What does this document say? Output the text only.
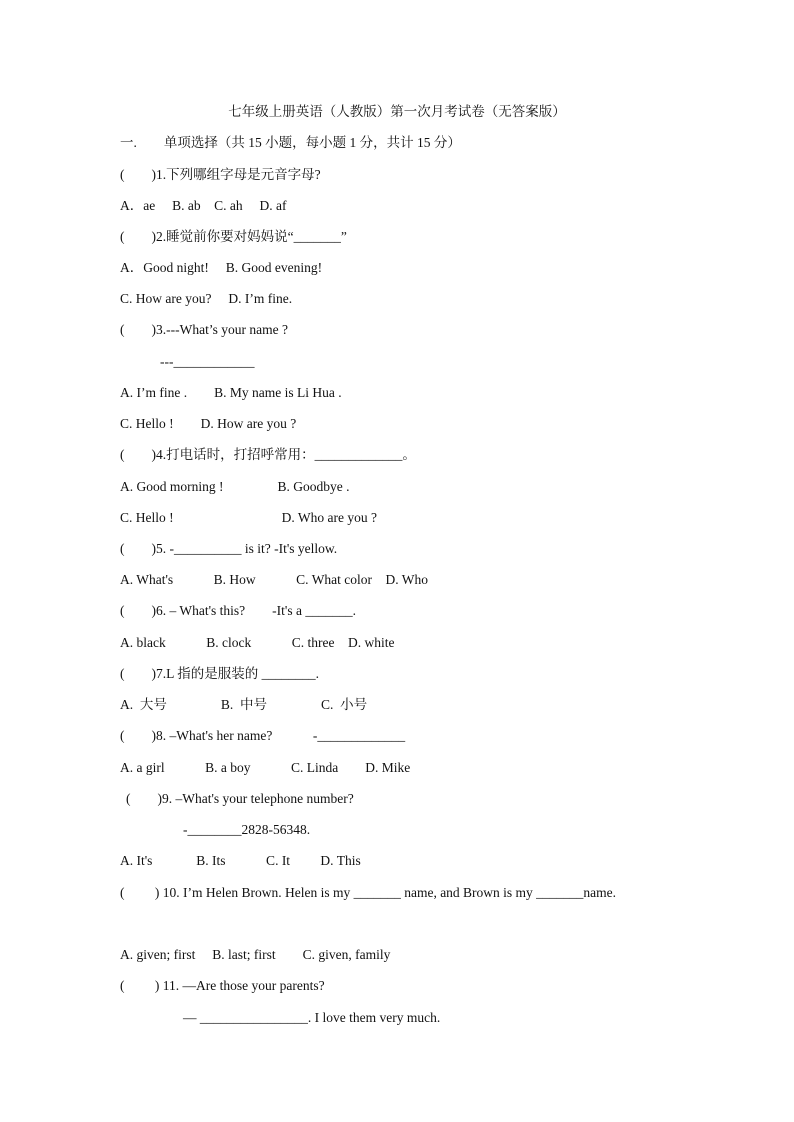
七年级上册英语（人教版）第一次月考试卷（无答案版）
一.　　单项选择（共 15 小题，每小题 1 分，共计 15 分）
(　　)1.下列哪组字母是元音字母?
A．ae　 B. ab　C. ah　 D. af
(　　)2.睡觉前你要对妈妈说“_______”
A．Good night!　 B. Good evening!
C. How are you?　 D. I’m fine.
(　　)3.---What’s your name ?
---____________
A. I’m fine .　　B. My name is Li Hua .
C. Hello !　　D. How are you ?
(　　)4.打电话时，打招呼常用：_____________。
A. Good morning !　　　　B. Goodbye .
C. Hello !　　　　　　　　D. Who are you ?
(　　)5. -__________ is it? -It's yellow.
A. What's　　　B. How　　　C. What color　D. Who
(　　)6. – What's this?　　-It's a _______.
A. black　　　B. clock　　　C. three　D. white
(　　)7.L 指的是服装的 ________.
A.  大号　　　　B.  中号　　　　C.  小号
(　　)8. –What's her name?　　　-_____________
A. a girl　　　B. a boy　　　C. Linda　　D. Mike
(　　)9. –What's your telephone number?
-________2828-56348.
A. It's　　　 B. Its　　　C. It　　 D. This
(　　 ) 10. I’m Helen Brown. Helen is my _______ name, and Brown is my _______name.
A. given; first　 B. last; first　　C. given, family
(　　 ) 11. —Are those your parents?
— ________________. I love them very much.
